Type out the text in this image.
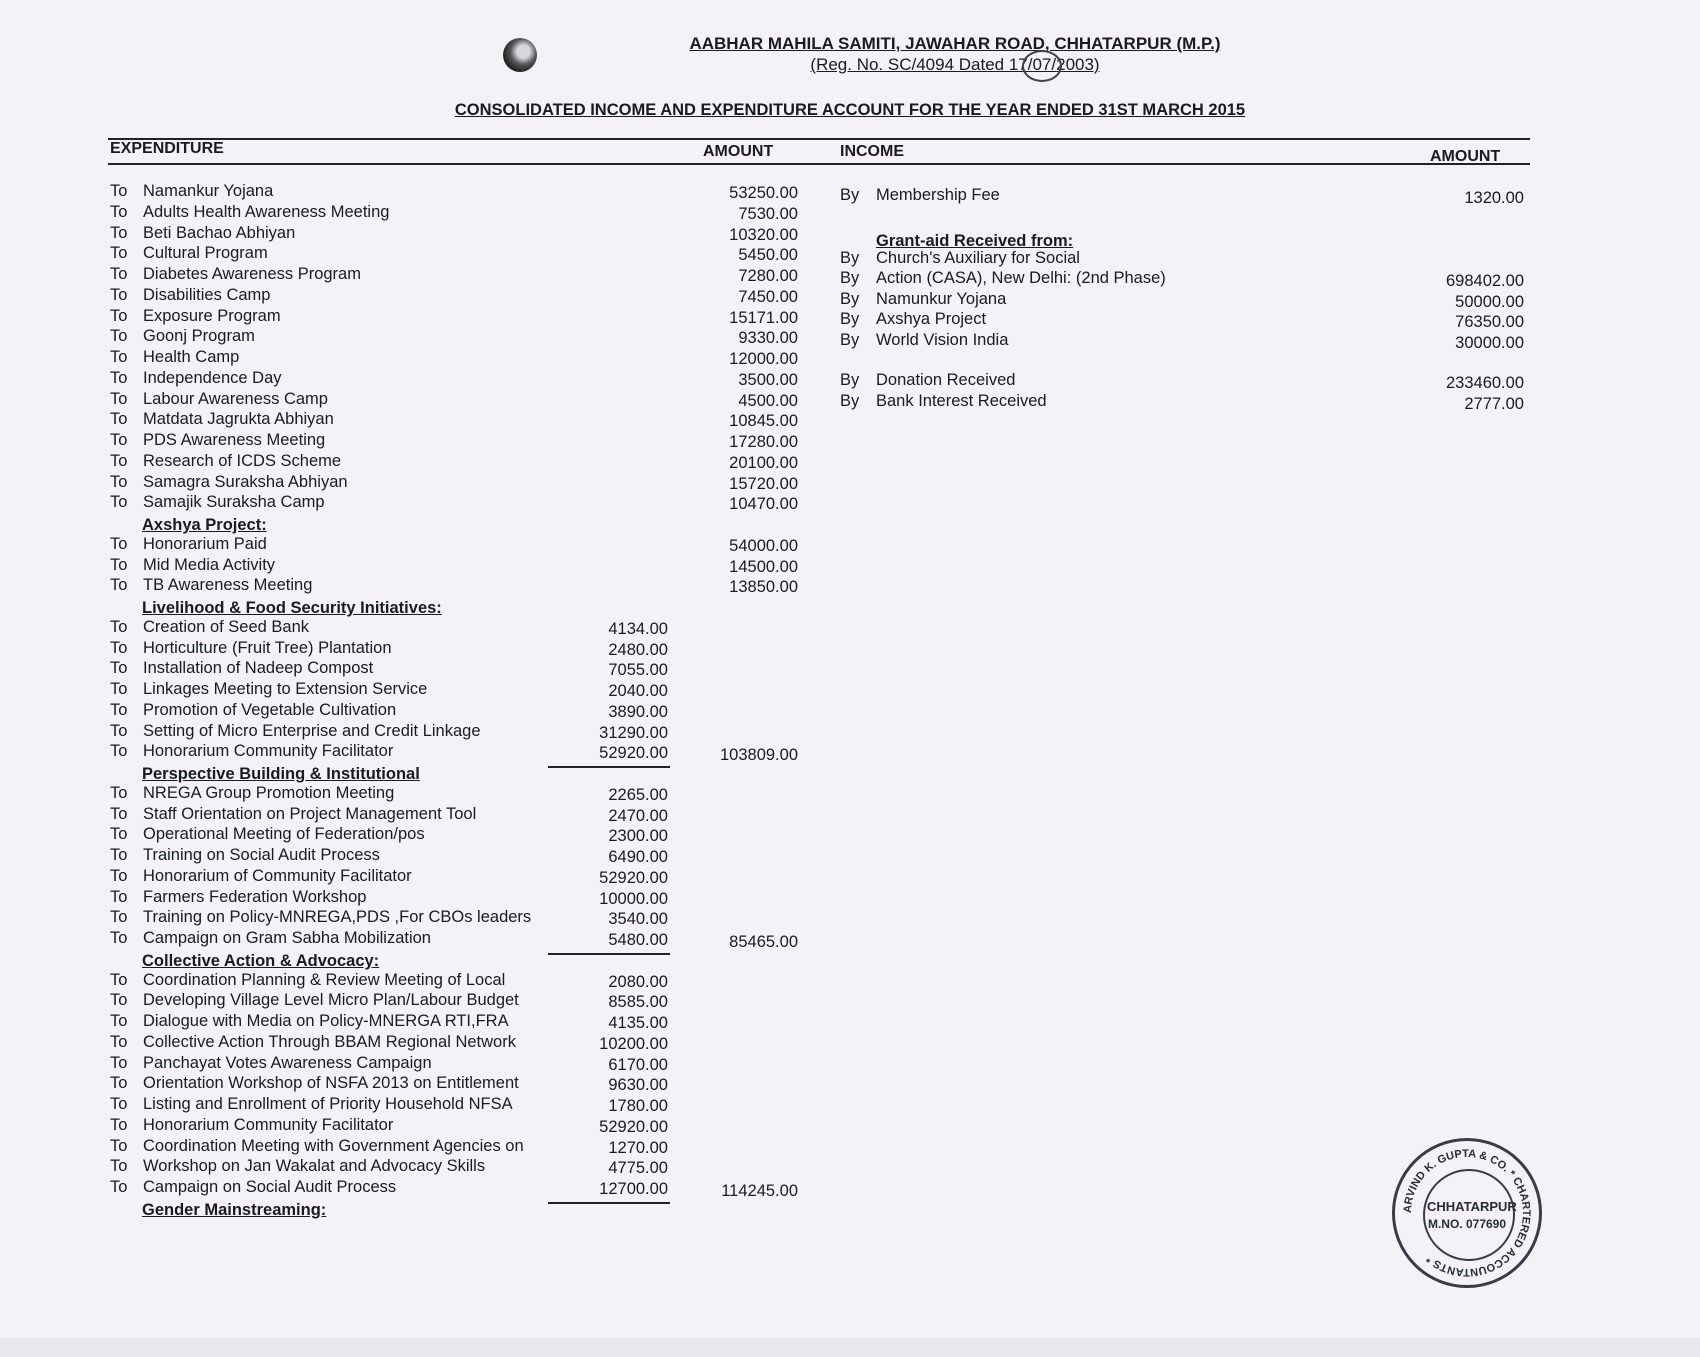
AABHAR MAHILA SAMITI, JAWAHAR ROAD, CHHATARPUR (M.P.)
(Reg. No. SC/4094 Dated 17/07/2003)
CONSOLIDATED INCOME AND EXPENDITURE ACCOUNT FOR THE YEAR ENDED 31ST MARCH 2015
EXPENDITURE	AMOUNT	INCOME	AMOUNT
To Namankur Yojana	53250.00
To Adults Health Awareness Meeting	7530.00
To Beti Bachao Abhiyan	10320.00
To Cultural Program	5450.00
To Diabetes Awareness Program	7280.00
To Disabilities Camp	7450.00
To Exposure Program	15171.00
To Goonj Program	9330.00
To Health Camp	12000.00
To Independence Day	3500.00
To Labour Awareness Camp	4500.00
To Matdata Jagrukta Abhiyan	10845.00
To PDS Awareness Meeting	17280.00
To Research of ICDS Scheme	20100.00
To Samagra Suraksha Abhiyan	15720.00
To Samajik Suraksha Camp	10470.00
Axshya Project:
To Honorarium Paid	54000.00
To Mid Media Activity	14500.00
To TB Awareness Meeting	13850.00
Livelihood & Food Security Initiatives:
To Creation of Seed Bank	4134.00
To Horticulture (Fruit Tree) Plantation	2480.00
To Installation of Nadeep Compost	7055.00
To Linkages Meeting to Extension Service	2040.00
To Promotion of Vegetable Cultivation	3890.00
To Setting of Micro Enterprise and Credit Linkage	31290.00
To Honorarium Community Facilitator	52920.00	103809.00
Perspective Building & Institutional
To NREGA Group Promotion Meeting	2265.00
To Staff Orientation on Project Management Tool	2470.00
To Operational Meeting of Federation/pos	2300.00
To Training on Social Audit Process	6490.00
To Honorarium of Community Facilitator	52920.00
To Farmers Federation Workshop	10000.00
To Training on Policy-MNREGA,PDS ,For CBOs leaders	3540.00
To Campaign on Gram Sabha Mobilization	5480.00	85465.00
Collective Action & Advocacy:
To Coordination Planning & Review Meeting of Local	2080.00
To Developing Village Level Micro Plan/Labour Budget	8585.00
To Dialogue with Media on Policy-MNERGA RTI,FRA	4135.00
To Collective Action Through BBAM Regional Network	10200.00
To Panchayat Votes Awareness Campaign	6170.00
To Orientation Workshop of NSFA 2013 on Entitlement	9630.00
To Listing and Enrollment of Priority Household NFSA	1780.00
To Honorarium Community Facilitator	52920.00
To Coordination Meeting with Government Agencies on	1270.00
To Workshop on Jan Wakalat and Advocacy Skills	4775.00
To Campaign on Social Audit Process	12700.00	114245.00
Gender Mainstreaming:
By Membership Fee	1320.00
Grant-aid Received from:
By Church's Auxiliary for Social
By Action (CASA), New Delhi: (2nd Phase)	698402.00
By Namunkur Yojana	50000.00
By Axshya Project	76350.00
By World Vision India	30000.00
By Donation Received	233460.00
By Bank Interest Received	2777.00
ARVIND K. GUPTA & CO. * CHARTERED ACCOUNTANTS *
CHHATARPUR
M.NO. 077690
